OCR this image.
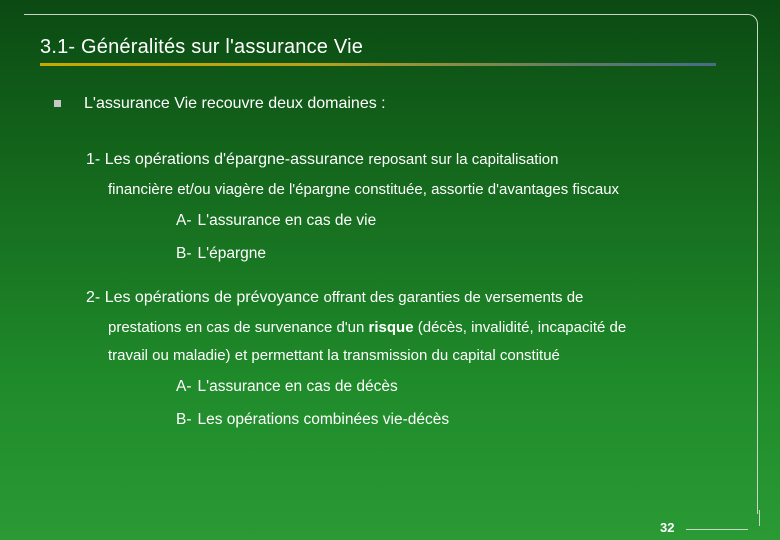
3.1- Généralités sur l'assurance Vie
L'assurance Vie recouvre deux domaines :
1- Les opérations d'épargne-assurance reposant sur la capitalisation
financière et/ou viagère de l'épargne constituée, assortie d'avantages fiscaux
A- L'assurance en cas de vie
B- L'épargne
2- Les opérations de prévoyance offrant des garanties de versements de
prestations en cas de survenance d'un risque (décès, invalidité, incapacité de
travail ou maladie) et permettant la transmission du capital constitué
A- L'assurance en cas de décès
B- Les opérations combinées vie-décès
32
